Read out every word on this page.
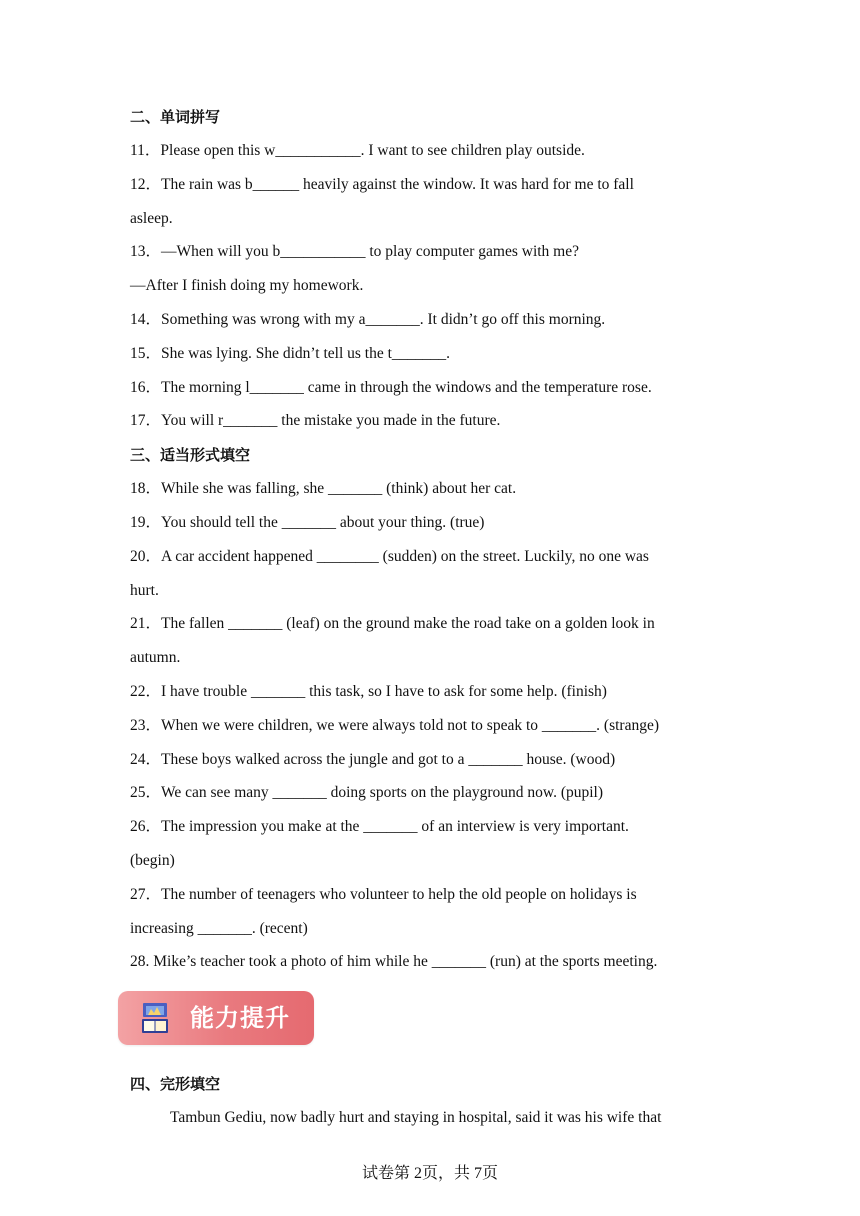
二、单词拼写
11．Please open this w___________. I want to see children play outside.
12．The rain was b______ heavily against the window. It was hard for me to fall
asleep.
13．—When will you b___________ to play computer games with me?
—After I finish doing my homework.
14．Something was wrong with my a_______. It didn’t go off this morning.
15．She was lying. She didn’t tell us the t_______.
16．The morning l_______ came in through the windows and the temperature rose.
17．You will r_______ the mistake you made in the future.
三、适当形式填空
18．While she was falling, she _______ (think) about her cat.
19．You should tell the _______ about your thing. (true)
20．A car accident happened ________ (sudden) on the street. Luckily, no one was
hurt.
21．The fallen _______ (leaf) on the ground make the road take on a golden look in
autumn.
22．I have trouble _______ this task, so I have to ask for some help. (finish)
23．When we were children, we were always told not to speak to _______. (strange)
24．These boys walked across the jungle and got to a _______ house. (wood)
25．We can see many _______ doing sports on the playground now. (pupil)
26．The impression you make at the _______ of an interview is very important.
(begin)
27．The number of teenagers who volunteer to help the old people on holidays is
increasing _______. (recent)
28. Mike’s teacher took a photo of him while he _______ (run) at the sports meeting.
能力提升
四、完形填空
Tambun Gediu, now badly hurt and staying in hospital, said it was his wife that
试卷第 2页，共 7页
